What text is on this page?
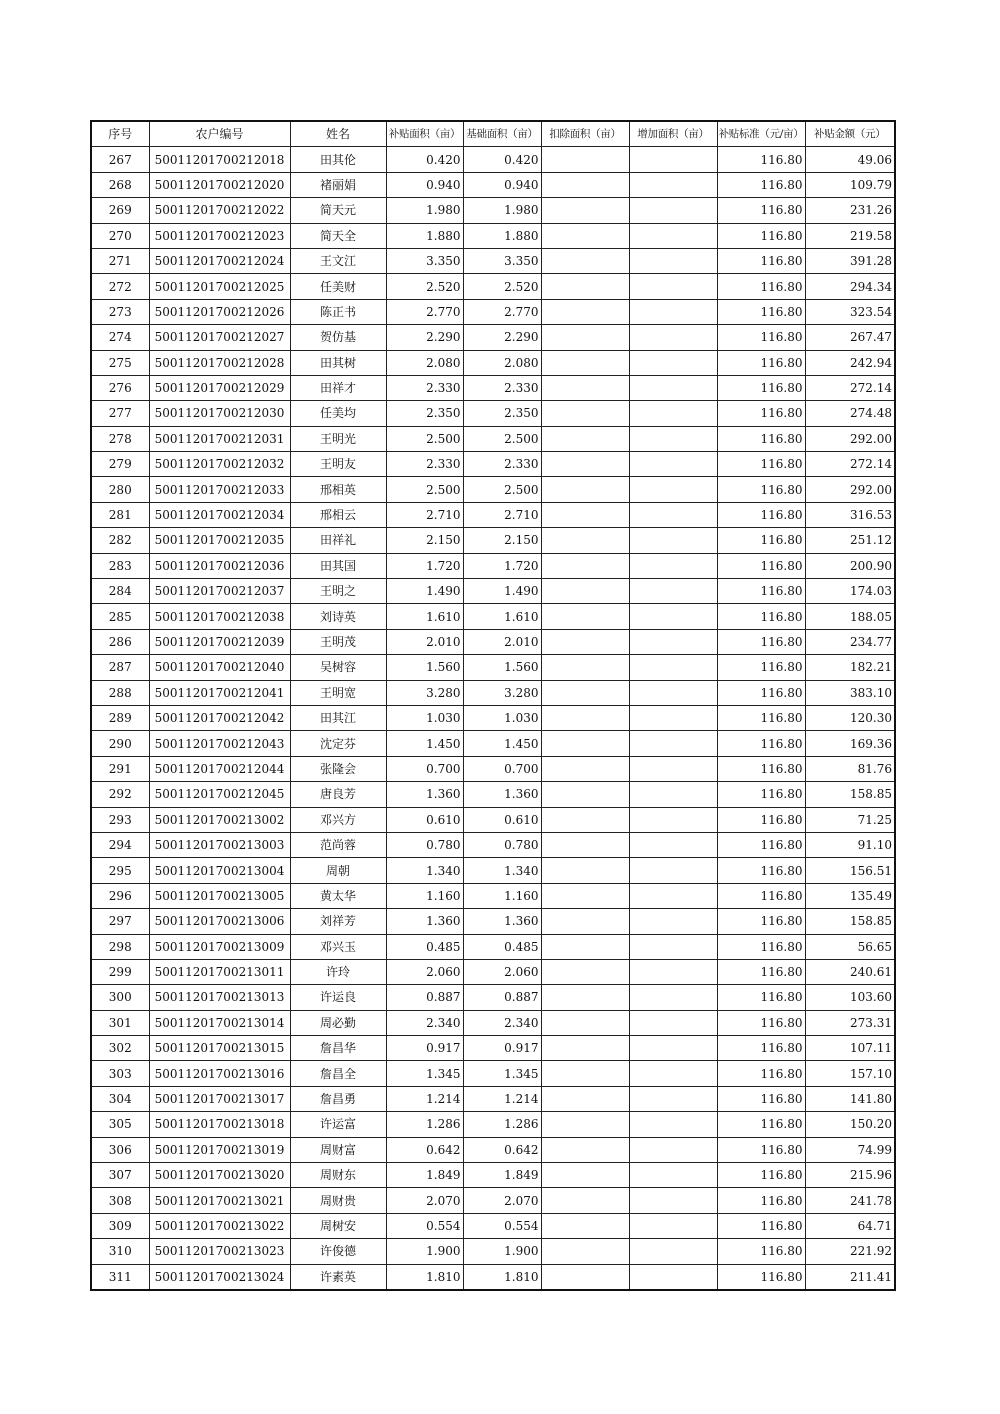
序号	农户编号	姓名	补贴面积（亩）	基础面积（亩）	扣除面积（亩）	增加面积（亩）	补贴标准（元/亩）	补贴金额（元）
267	50011201700212018	田其伦	0.420	0.420			116.80	49.06
268	50011201700212020	褚丽娟	0.940	0.940			116.80	109.79
269	50011201700212022	简天元	1.980	1.980			116.80	231.26
270	50011201700212023	简天全	1.880	1.880			116.80	219.58
271	50011201700212024	王文江	3.350	3.350			116.80	391.28
272	50011201700212025	任美财	2.520	2.520			116.80	294.34
273	50011201700212026	陈正书	2.770	2.770			116.80	323.54
274	50011201700212027	贺仿基	2.290	2.290			116.80	267.47
275	50011201700212028	田其树	2.080	2.080			116.80	242.94
276	50011201700212029	田祥才	2.330	2.330			116.80	272.14
277	50011201700212030	任美均	2.350	2.350			116.80	274.48
278	50011201700212031	王明光	2.500	2.500			116.80	292.00
279	50011201700212032	王明友	2.330	2.330			116.80	272.14
280	50011201700212033	邢相英	2.500	2.500			116.80	292.00
281	50011201700212034	邢相云	2.710	2.710			116.80	316.53
282	50011201700212035	田祥礼	2.150	2.150			116.80	251.12
283	50011201700212036	田其国	1.720	1.720			116.80	200.90
284	50011201700212037	王明之	1.490	1.490			116.80	174.03
285	50011201700212038	刘诗英	1.610	1.610			116.80	188.05
286	50011201700212039	王明茂	2.010	2.010			116.80	234.77
287	50011201700212040	吴树容	1.560	1.560			116.80	182.21
288	50011201700212041	王明宽	3.280	3.280			116.80	383.10
289	50011201700212042	田其江	1.030	1.030			116.80	120.30
290	50011201700212043	沈定芬	1.450	1.450			116.80	169.36
291	50011201700212044	张隆会	0.700	0.700			116.80	81.76
292	50011201700212045	唐良芳	1.360	1.360			116.80	158.85
293	50011201700213002	邓兴方	0.610	0.610			116.80	71.25
294	50011201700213003	范尚蓉	0.780	0.780			116.80	91.10
295	50011201700213004	周朝	1.340	1.340			116.80	156.51
296	50011201700213005	黄太华	1.160	1.160			116.80	135.49
297	50011201700213006	刘祥芳	1.360	1.360			116.80	158.85
298	50011201700213009	邓兴玉	0.485	0.485			116.80	56.65
299	50011201700213011	许玲	2.060	2.060			116.80	240.61
300	50011201700213013	许运良	0.887	0.887			116.80	103.60
301	50011201700213014	周必勤	2.340	2.340			116.80	273.31
302	50011201700213015	詹昌华	0.917	0.917			116.80	107.11
303	50011201700213016	詹昌全	1.345	1.345			116.80	157.10
304	50011201700213017	詹昌勇	1.214	1.214			116.80	141.80
305	50011201700213018	许运富	1.286	1.286			116.80	150.20
306	50011201700213019	周财富	0.642	0.642			116.80	74.99
307	50011201700213020	周财东	1.849	1.849			116.80	215.96
308	50011201700213021	周财贵	2.070	2.070			116.80	241.78
309	50011201700213022	周树安	0.554	0.554			116.80	64.71
310	50011201700213023	许俊德	1.900	1.900			116.80	221.92
311	50011201700213024	许素英	1.810	1.810			116.80	211.41
